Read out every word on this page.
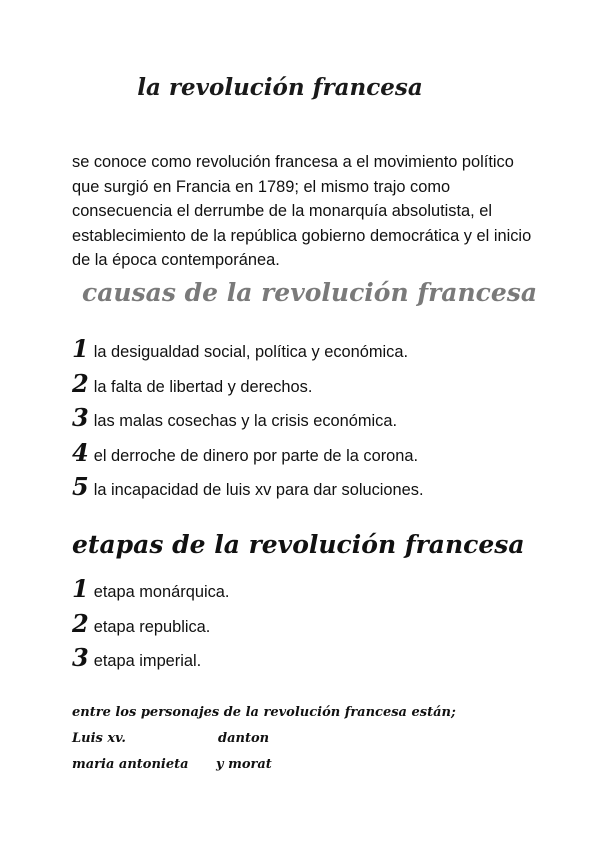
la revolución francesa
se conoce como revolución francesa a el movimiento político que surgió en Francia en 1789; el mismo trajo como consecuencia el derrumbe de la monarquía absolutista, el establecimiento de la república gobierno democrática y el inicio de la época contemporánea.
causas de la revolución francesa
1 la desigualdad social, política y económica.
2 la falta de libertad y derechos.
3 las malas cosechas y la crisis económica.
4 el derroche de dinero por parte de la corona.
5 la incapacidad de luis xv para dar soluciones.
etapas de la revolución francesa
1 etapa monárquica.
2 etapa republica.
3 etapa imperial.
entre los personajes de la revolución francesa están;
Luis xv.	danton
maria antonieta y morat
